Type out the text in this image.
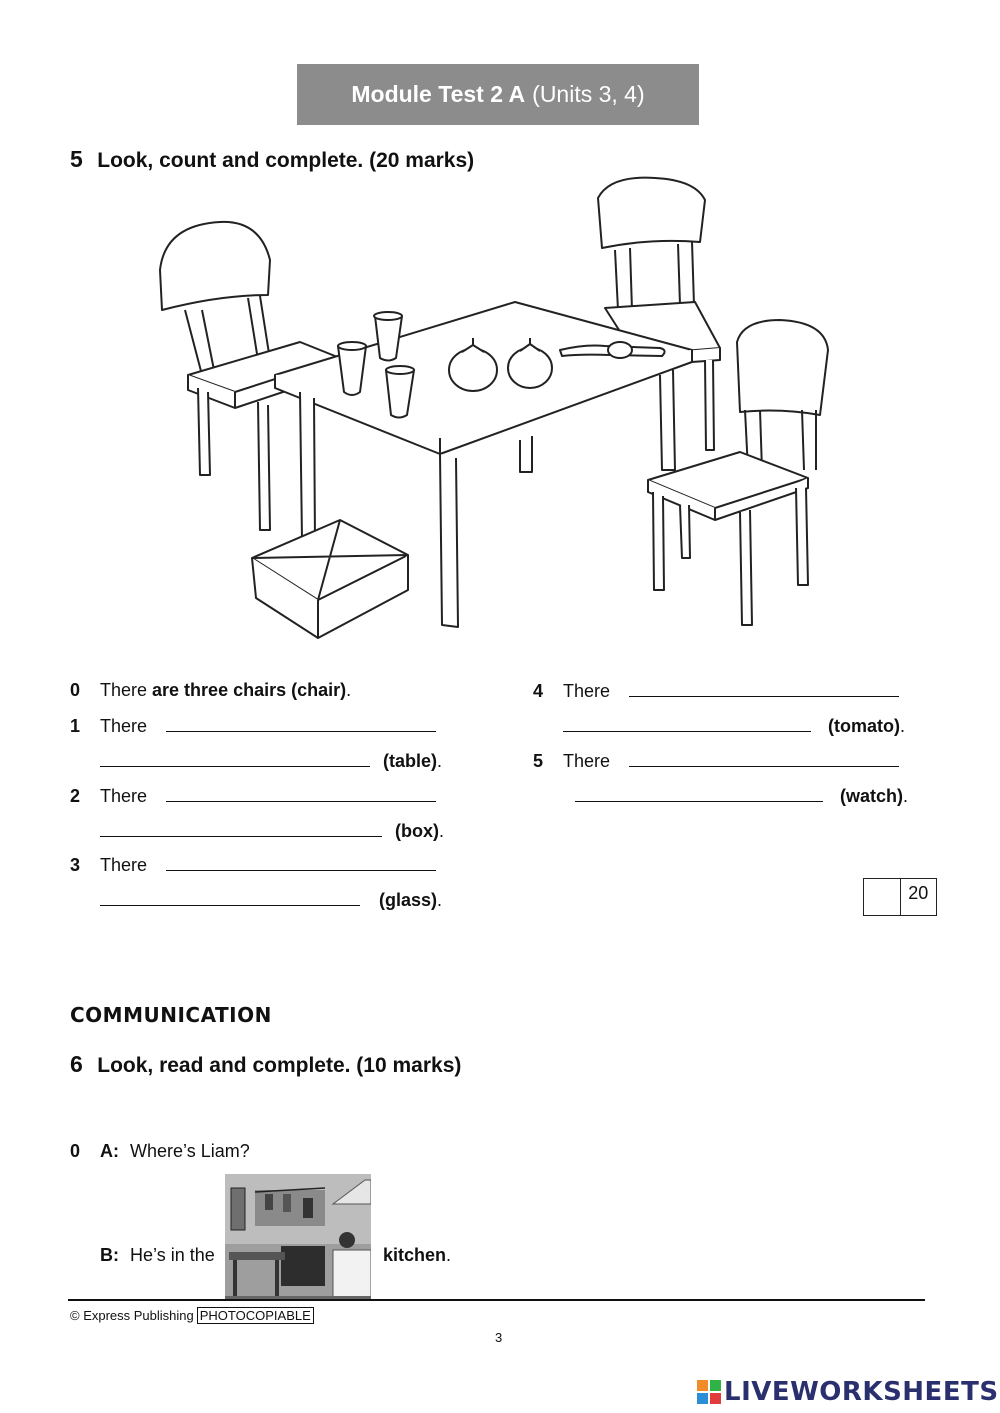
Module Test 2 A (Units 3, 4)
5 Look, count and complete. (20 marks)
0 There are three chairs (chair).
1 There
(table).
2 There
(box).
3 There
(glass).
4 There
(tomato).
5 There
(watch).
20
COMMUNICATION
6 Look, read and complete. (10 marks)
0 A: Where’s Liam?
B: He’s in the	kitchen.
© Express Publishing PHOTOCOPIABLE
3
LIVEWORKSHEETS
